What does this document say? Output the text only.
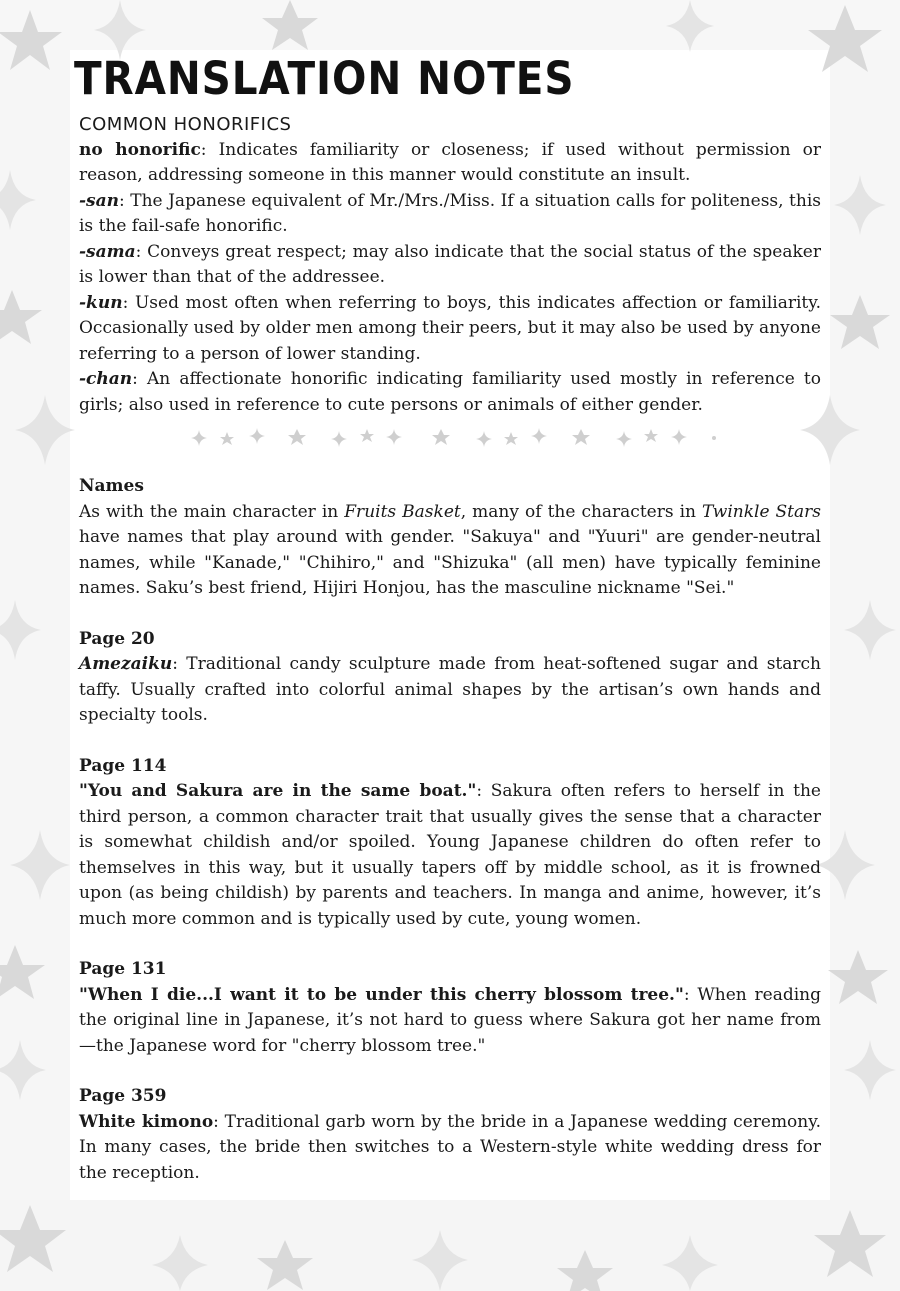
TRANSLATION NOTES

COMMON HONORIFICS

no honorific: Indicates familiarity or closeness; if used without permission or reason, addressing someone in this manner would constitute an insult.

-san: The Japanese equivalent of Mr./Mrs./Miss. If a situation calls for politeness, this is the fail-safe honorific.

-sama: Conveys great respect; may also indicate that the social status of the speaker is lower than that of the addressee.

-kun: Used most often when referring to boys, this indicates affection or familiarity. Occasionally used by older men among their peers, but it may also be used by anyone referring to a person of lower standing.

-chan: An affectionate honorific indicating familiarity used mostly in reference to girls; also used in reference to cute persons or animals of either gender.

Names

As with the main character in Fruits Basket, many of the characters in Twinkle Stars have names that play around with gender. "Sakuya" and "Yuuri" are gender-neutral names, while "Kanade," "Chihiro," and "Shizuka" (all men) have typically feminine names. Saku’s best friend, Hijiri Honjou, has the masculine nickname "Sei."

Page 20

Amezaiku: Traditional candy sculpture made from heat-softened sugar and starch taffy. Usually crafted into colorful animal shapes by the artisan’s own hands and specialty tools.

Page 114

"You and Sakura are in the same boat.": Sakura often refers to herself in the third person, a common character trait that usually gives the sense that a character is somewhat childish and/or spoiled. Young Japanese children do often refer to themselves in this way, but it usually tapers off by middle school, as it is frowned upon (as being childish) by parents and teachers. In manga and anime, however, it’s much more common and is typically used by cute, young women.

Page 131

"When I die...I want it to be under this cherry blossom tree.": When reading the original line in Japanese, it’s not hard to guess where Sakura got her name from—the Japanese word for "cherry blossom tree."

Page 359

White kimono: Traditional garb worn by the bride in a Japanese wedding ceremony. In many cases, the bride then switches to a Western-style white wedding dress for the reception.
